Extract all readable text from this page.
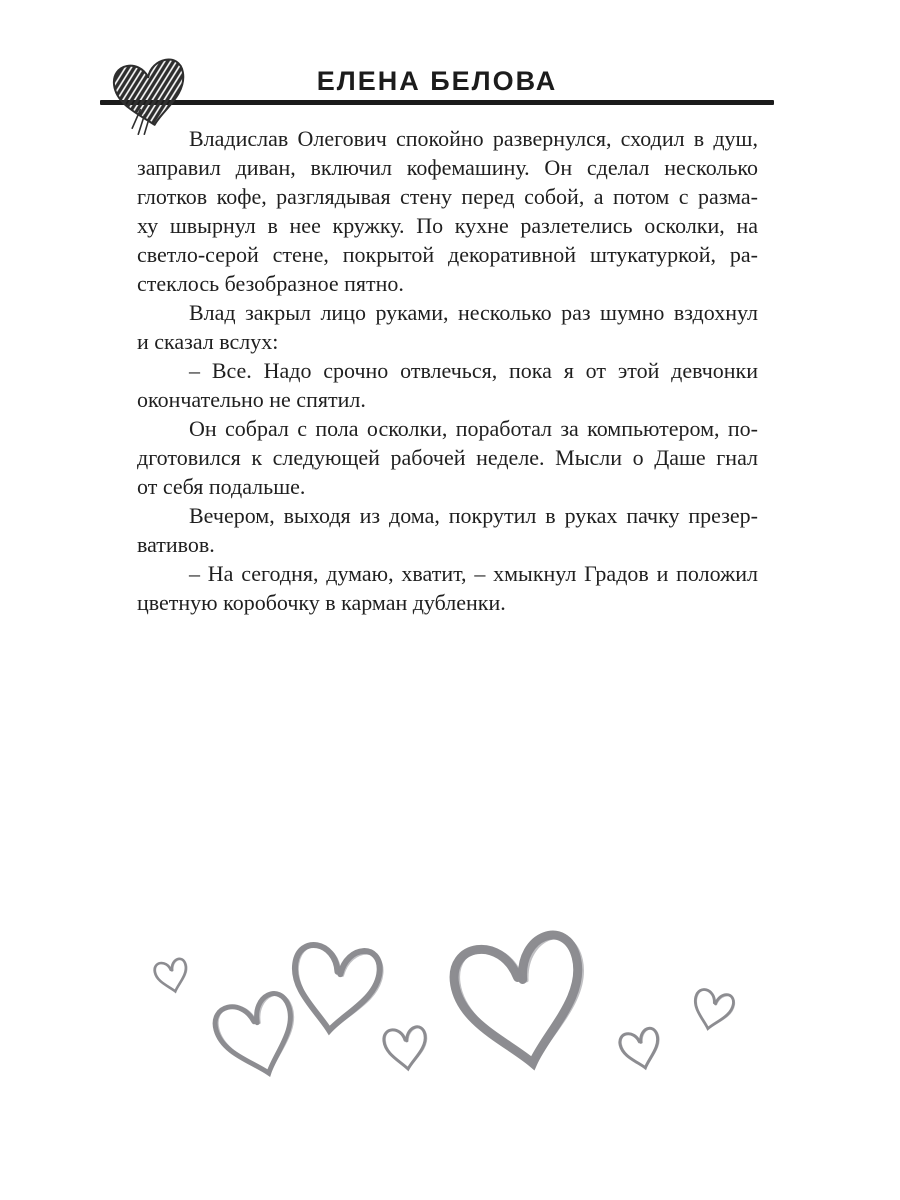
ЕЛЕНА БЕЛОВА
Владислав Олегович спокойно развернулся, сходил в душ,
заправил диван, включил кофемашину. Он сделал несколько
глотков кофе, разглядывая стену перед собой, а потом с разма-
ху швырнул в нее кружку. По кухне разлетелись осколки, на
светло-серой стене, покрытой декоративной штукатуркой, ра-
стеклось безобразное пятно.
Влад закрыл лицо руками, несколько раз шумно вздохнул
и сказал вслух:
– Все. Надо срочно отвлечься, пока я от этой девчонки
окончательно не спятил.
Он собрал с пола осколки, поработал за компьютером, по-
дготовился к следующей рабочей неделе. Мысли о Даше гнал
от себя подальше.
Вечером, выходя из дома, покрутил в руках пачку презер-
вативов.
– На сегодня, думаю, хватит, – хмыкнул Градов и положил
цветную коробочку в карман дубленки.
